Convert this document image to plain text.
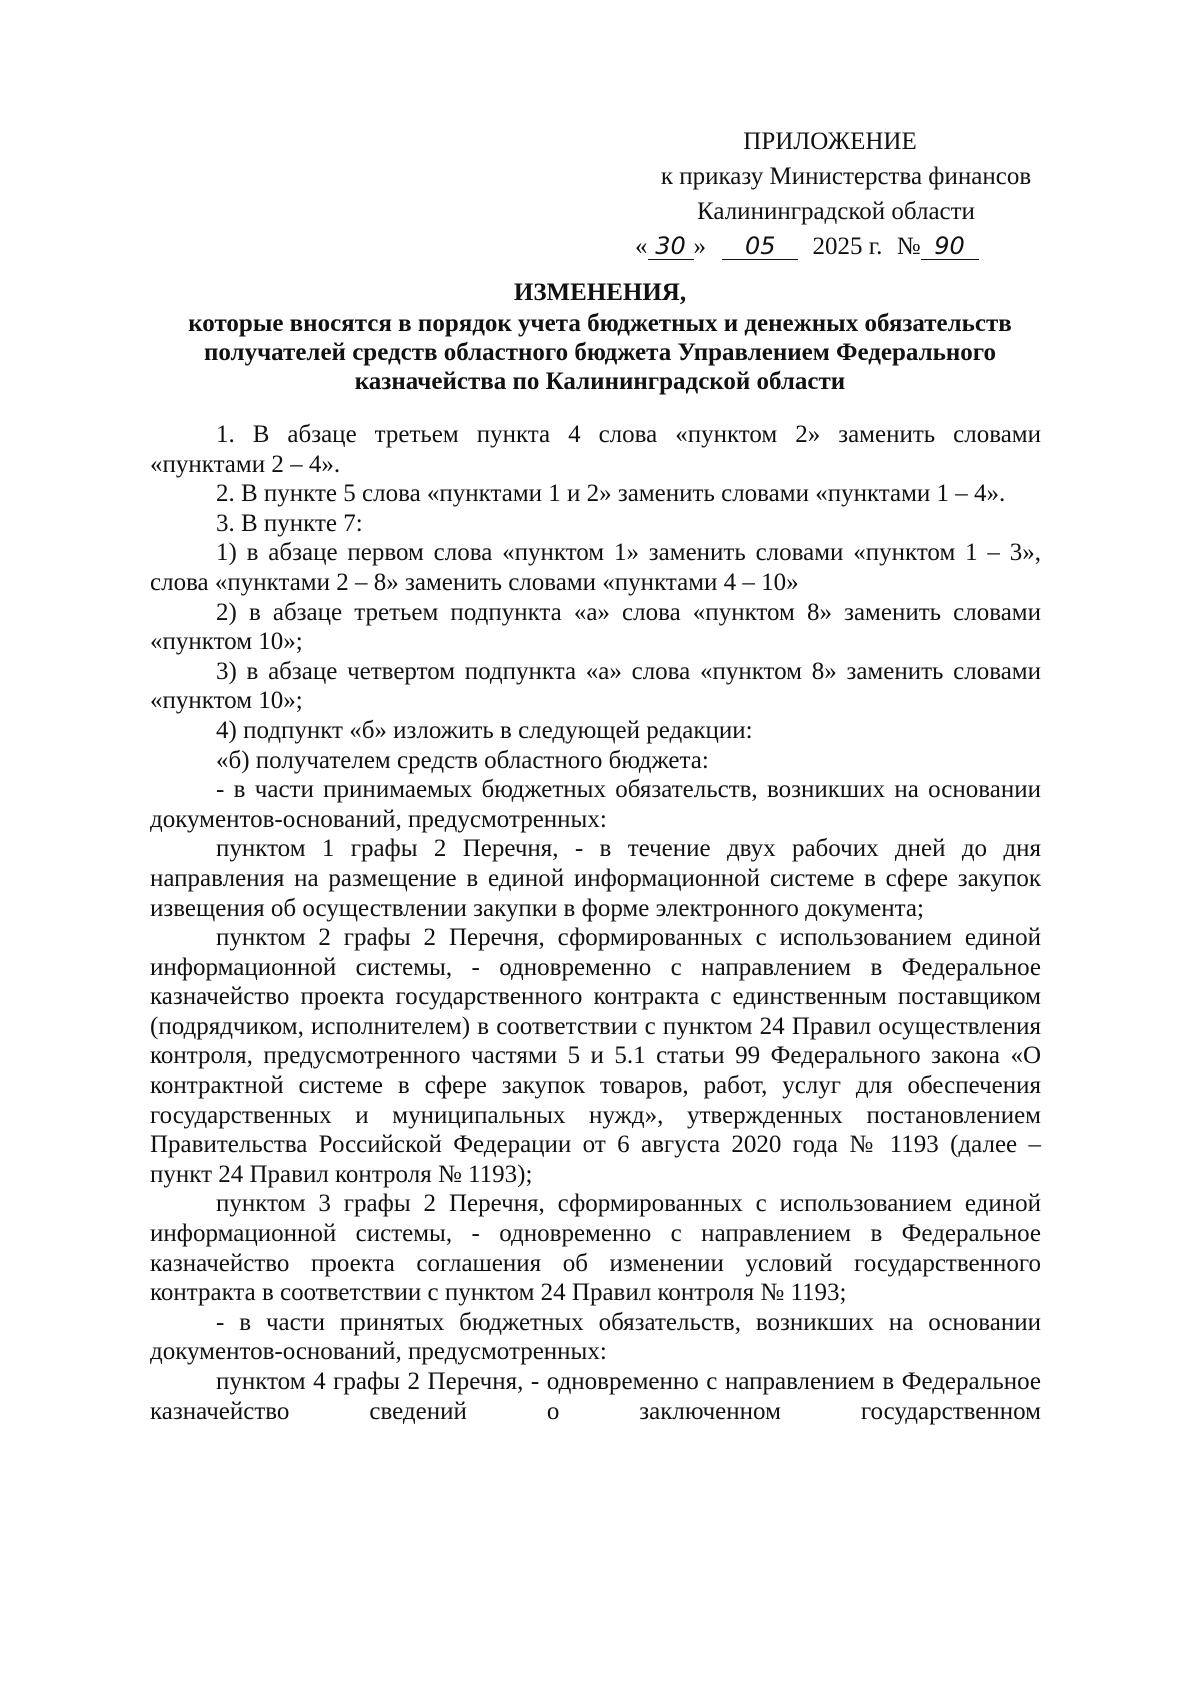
ПРИЛОЖЕНИЕ
к приказу Министерства финансов
Калининградской области
« 30 » 05 2025 г. № 90
ИЗМЕНЕНИЯ,
которые вносятся в порядок учета бюджетных и денежных обязательств получателей средств областного бюджета Управлением Федерального казначейства по Калининградской области

1. В абзаце третьем пункта 4 слова «пунктом 2» заменить словами «пунктами 2 – 4».

2. В пункте 5 слова «пунктами 1 и 2» заменить словами «пунктами 1 – 4».

3. В пункте 7:

1) в абзаце первом слова «пунктом 1» заменить словами «пунктом 1 – 3», слова «пунктами 2 – 8» заменить словами «пунктами 4 – 10»

2) в абзаце третьем подпункта «а» слова «пунктом 8» заменить словами «пунктом 10»;

3) в абзаце четвертом подпункта «а» слова «пунктом 8» заменить словами «пунктом 10»;

4) подпункт «б» изложить в следующей редакции:

«б) получателем средств областного бюджета:

- в части принимаемых бюджетных обязательств, возникших на основании документов-оснований, предусмотренных:

пунктом 1 графы 2 Перечня, - в течение двух рабочих дней до дня направления на размещение в единой информационной системе в сфере закупок извещения об осуществлении закупки в форме электронного документа;

пунктом 2 графы 2 Перечня, сформированных с использованием единой информационной системы, - одновременно с направлением в Федеральное казначейство проекта государственного контракта с единственным поставщиком (подрядчиком, исполнителем) в соответствии с пунктом 24 Правил осуществления контроля, предусмотренного частями 5 и 5.1 статьи 99 Федерального закона «О контрактной системе в сфере закупок товаров, работ, услуг для обеспечения государственных и муниципальных нужд», утвержденных постановлением Правительства Российской Федерации от 6 августа 2020 года № 1193 (далее – пункт 24 Правил контроля № 1193);

пунктом 3 графы 2 Перечня, сформированных с использованием единой информационной системы, - одновременно с направлением в Федеральное казначейство проекта соглашения об изменении условий государственного контракта в соответствии с пунктом 24 Правил контроля № 1193;

- в части принятых бюджетных обязательств, возникших на основании документов-оснований, предусмотренных:

пунктом 4 графы 2 Перечня, - одновременно с направлением в Федеральное казначейство сведений о заключенном государственном
